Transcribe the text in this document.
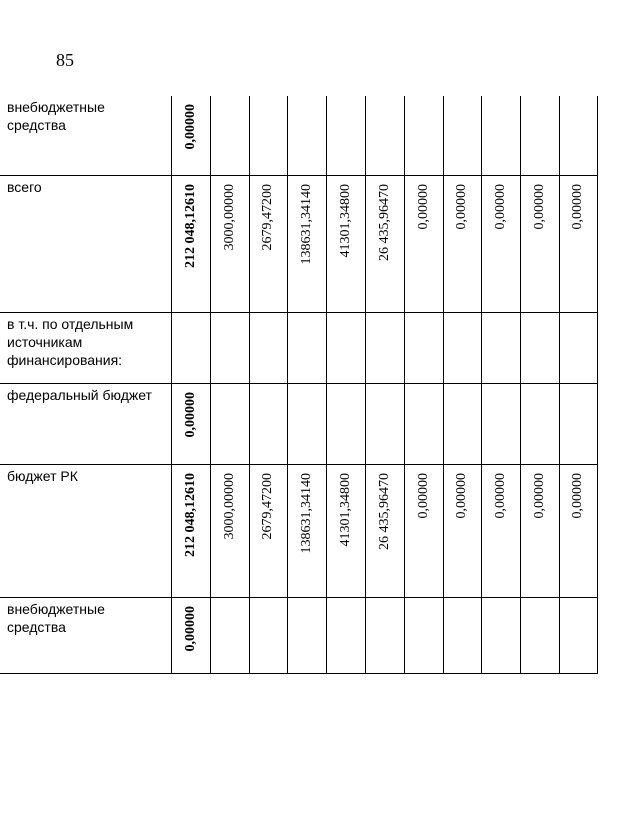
85
внебюджетные средства	0,00000										

всего	212 048,12610	3000,00000	2679,47200	138631,34140	41301,34800	26 435,96470	0,00000	0,00000	0,00000	0,00000	0,00000

в т.ч. по отдельным источникам финансирования:	

федеральный бюджет	0,00000										

бюджет РК	212 048,12610	3000,00000	2679,47200	138631,34140	41301,34800	26 435,96470	0,00000	0,00000	0,00000	0,00000	0,00000

внебюджетные средства	0,00000										
